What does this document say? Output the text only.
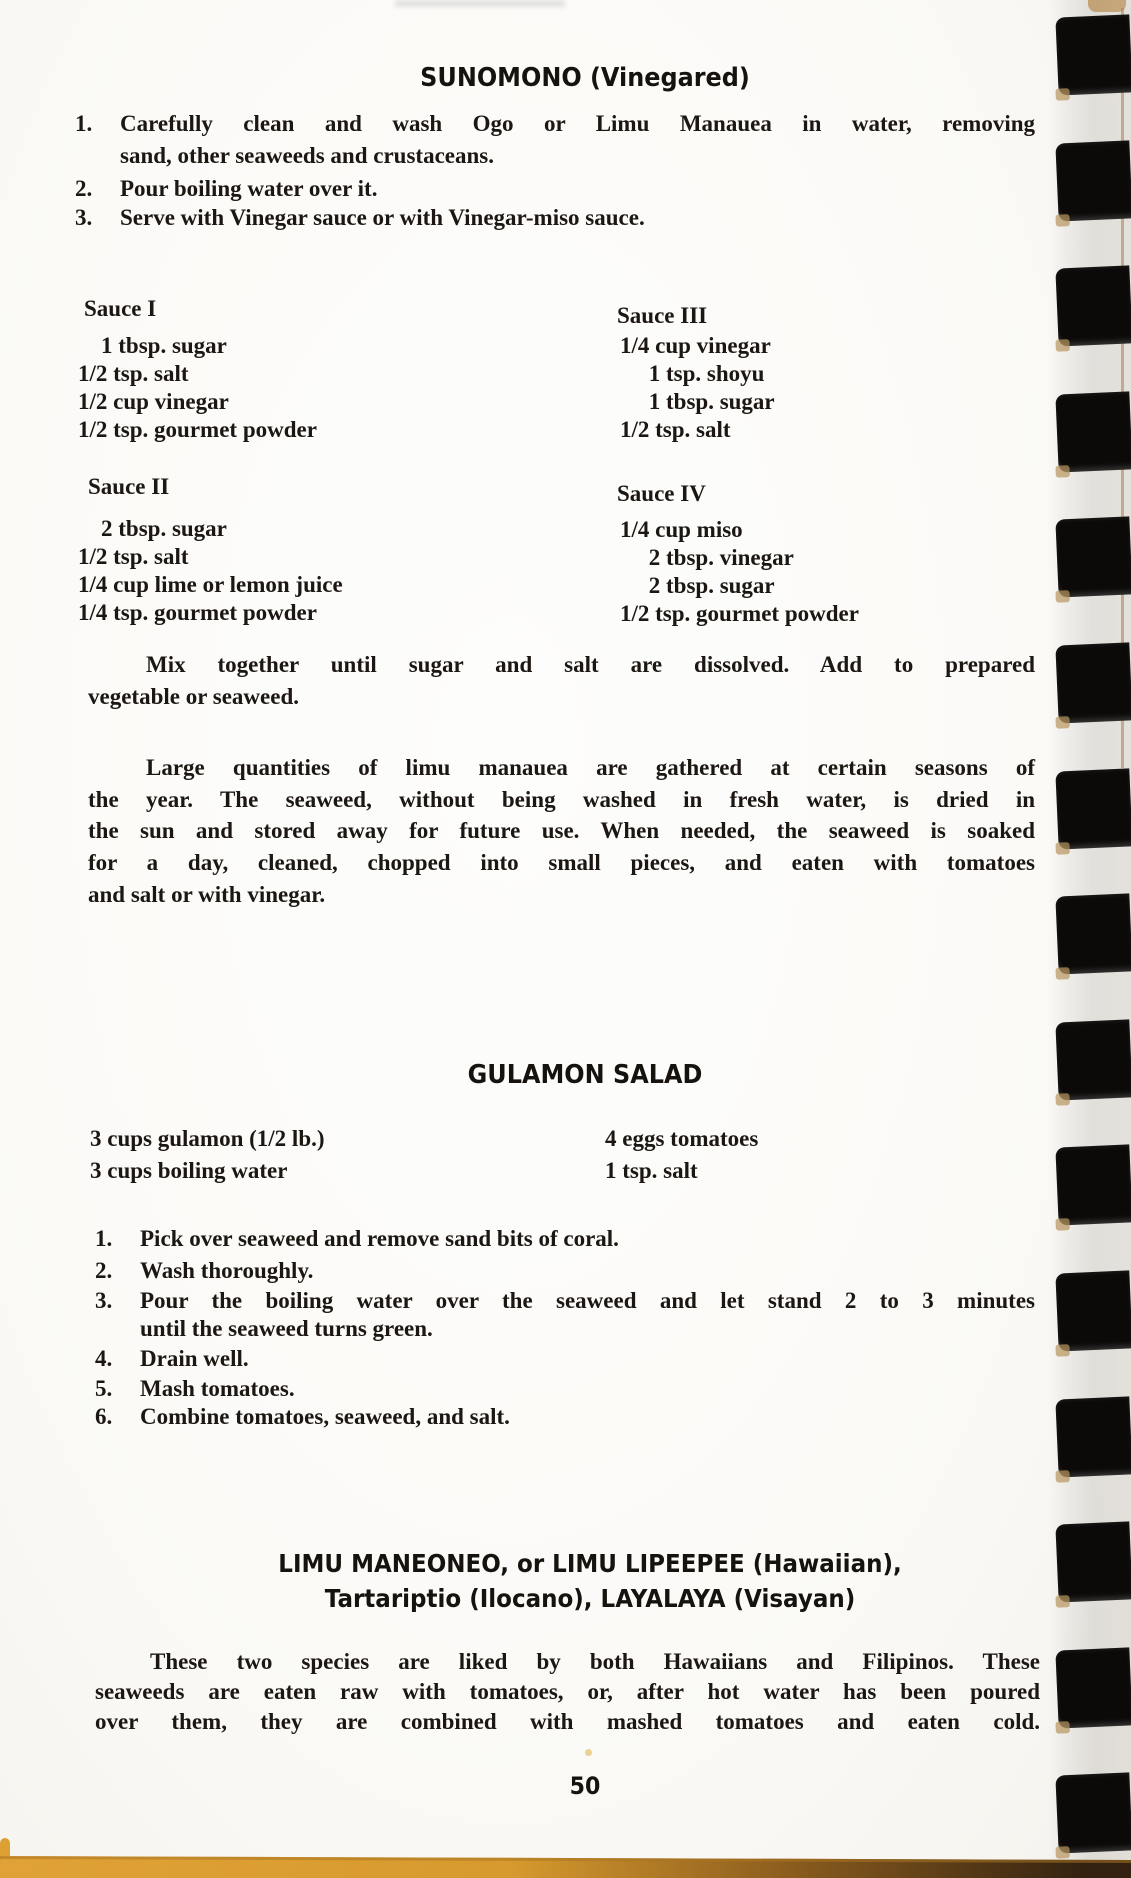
SUNOMONO (Vinegared)
1. Carefully clean and wash Ogo or Limu Manauea in water, removing
sand, other seaweeds and crustaceans.
2. Pour boiling water over it.
3. Serve with Vinegar sauce or with Vinegar-miso sauce.
Sauce I
1 tbsp. sugar
1/2 tsp. salt
1/2 cup vinegar
1/2 tsp. gourmet powder
Sauce III
1/4 cup vinegar
1 tsp. shoyu
1 tbsp. sugar
1/2 tsp. salt
Sauce II
2 tbsp. sugar
1/2 tsp. salt
1/4 cup lime or lemon juice
1/4 tsp. gourmet powder
Sauce IV
1/4 cup miso
2 tbsp. vinegar
2 tbsp. sugar
1/2 tsp. gourmet powder
Mix together until sugar and salt are dissolved. Add to prepared
vegetable or seaweed.
Large quantities of limu manauea are gathered at certain seasons of
the year. The seaweed, without being washed in fresh water, is dried in
the sun and stored away for future use. When needed, the seaweed is soaked
for a day, cleaned, chopped into small pieces, and eaten with tomatoes
and salt or with vinegar.
GULAMON SALAD
3 cups gulamon (1/2 lb.)
3 cups boiling water
4 eggs tomatoes
1 tsp. salt
1. Pick over seaweed and remove sand bits of coral.
2. Wash thoroughly.
3. Pour the boiling water over the seaweed and let stand 2 to 3 minutes
until the seaweed turns green.
4. Drain well.
5. Mash tomatoes.
6. Combine tomatoes, seaweed, and salt.
LIMU MANEONEO, or LIMU LIPEEPEE (Hawaiian),
Tartariptio (Ilocano), LAYALAYA (Visayan)
These two species are liked by both Hawaiians and Filipinos. These
seaweeds are eaten raw with tomatoes, or, after hot water has been poured
over them, they are combined with mashed tomatoes and eaten cold.
50
